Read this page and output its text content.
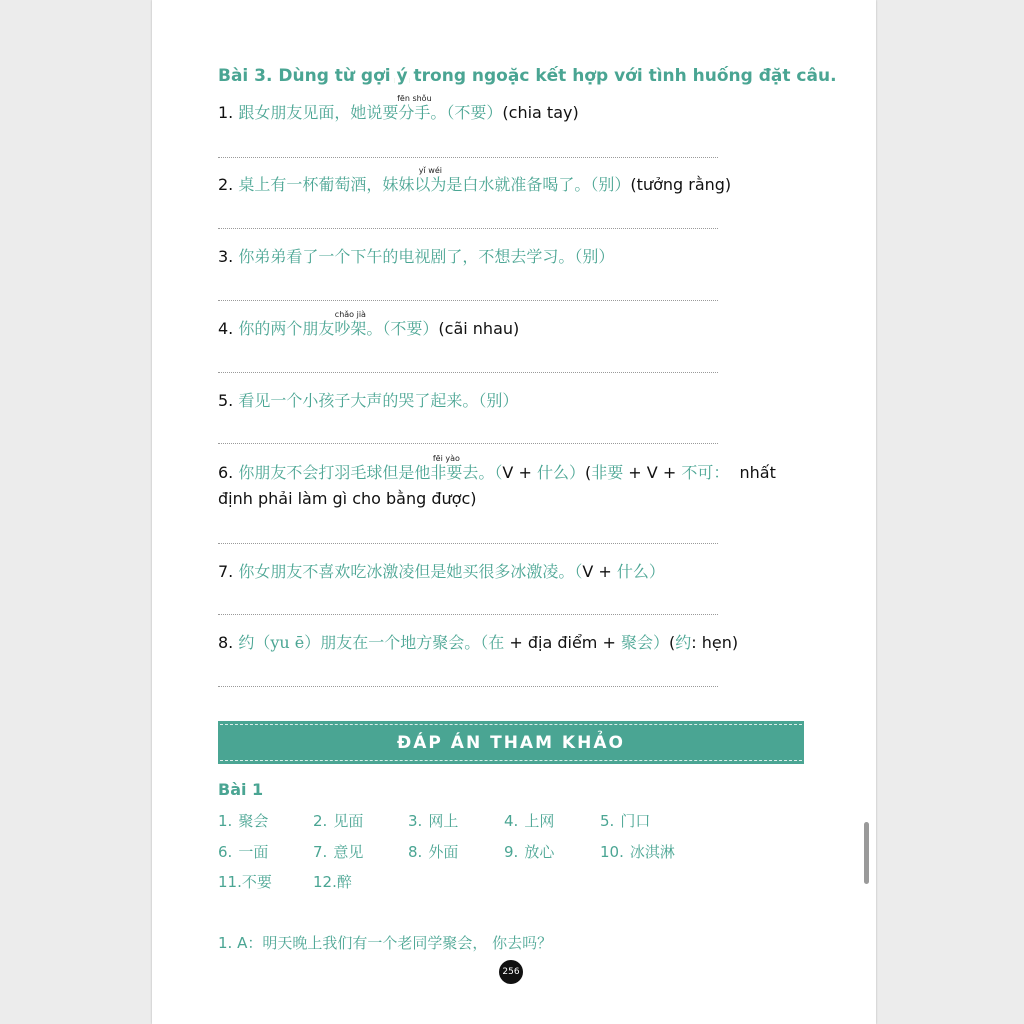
Bài 3. Dùng từ gợi ý trong ngoặc kết hợp với tình huống đặt câu.
1. 跟女朋友见面，她说要分手
fēn shǒu
。（不要）(chia tay)
2. 桌上有一杯葡萄酒，妹妹以为
yǐ wéi
是白水就准备喝了。（别）(tưởng rằng)
3. 你弟弟看了一个下午的电视剧了，不想去学习。（别）
4. 你的两个朋友吵架
chǎo jià
。（不要）(cãi nhau)
5. 看见一个小孩子大声的哭了起来。（别）
6. 你朋友不会打羽毛球但是他非要
fēi yào
去。（V + 什么）(非要 + V + 不可：  nhất
định phải làm gì cho bằng được)
7. 你女朋友不喜欢吃冰激凌但是她买很多冰激凌。（V + 什么）
8. 约（yu ē）朋友在一个地方聚会。（在 + địa điểm + 聚会）(约: hẹn)
ĐÁP ÁN THAM KHẢO
Bài 1
1. 聚会	2. 见面	3. 网上	4. 上网	5. 门口
6. 一面	7. 意见	8. 外面	9. 放心	10. 冰淇淋
11.不要	12.醉
1. A：明天晚上我们有一个老同学聚会， 你去吗？
256
